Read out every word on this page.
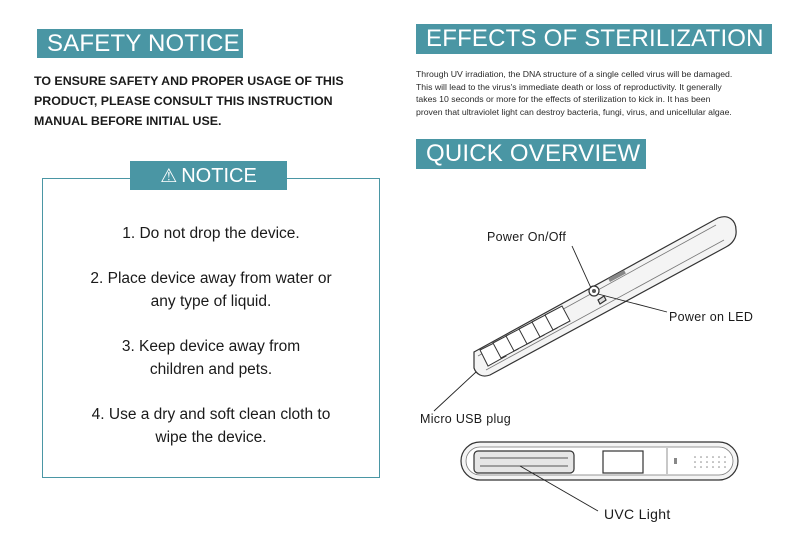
SAFETY NOTICE
TO ENSURE SAFETY AND PROPER USAGE OF THIS
PRODUCT, PLEASE CONSULT THIS INSTRUCTION
MANUAL BEFORE INITIAL USE.
⚠ NOTICE
1. Do not drop the device.
2. Place device away from water or
any type of liquid.
3. Keep device away from
children and pets.
4. Use a dry and soft clean cloth to
wipe the device.
EFFECTS OF STERILIZATION
Through UV irradiation, the DNA structure of a single celled virus will be damaged.
This will lead to the virus's immediate death or loss of reproductivity. It generally
takes 10 seconds or more for the effects of sterilization to kick in. It has been
proven that ultraviolet light can destroy bacteria, fungi, virus, and unicellular algae.
QUICK OVERVIEW
Power On/Off
Power on LED
Micro USB plug
UVC Light
